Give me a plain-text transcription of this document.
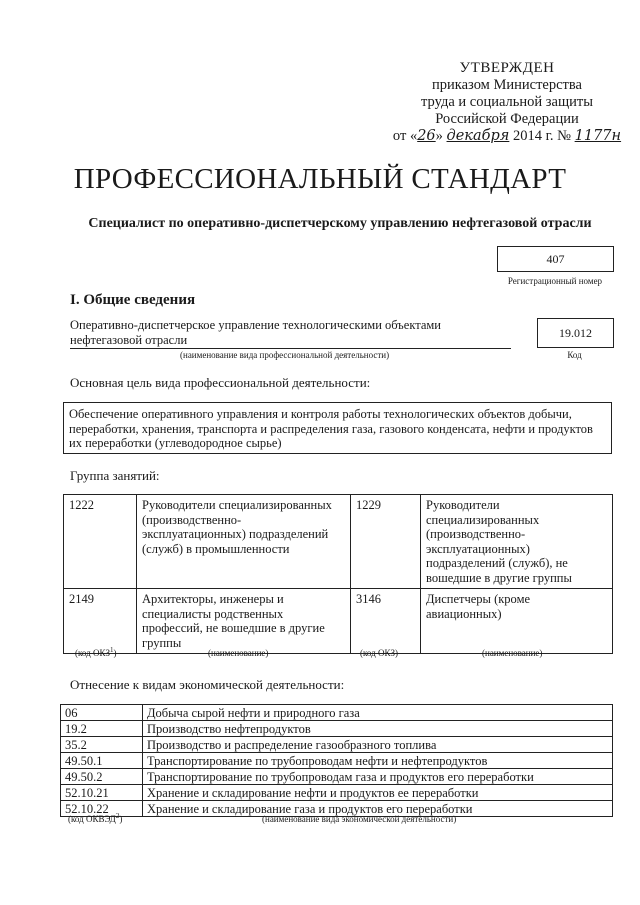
УТВЕРЖДЕН
приказом Министерства
труда и социальной защиты
Российской Федерации
от «26» декабря 2014 г. № 1177н
ПРОФЕССИОНАЛЬНЫЙ СТАНДАРТ
Специалист по оперативно-диспетчерскому управлению нефтегазовой отрасли
407
Регистрационный номер
I. Общие сведения
Оперативно-диспетчерское управление технологическими объектами
нефтегазовой отрасли
(наименование вида профессиональной деятельности)
19.012
Код
Основная цель вида профессиональной деятельности:
Обеспечение оперативного управления и контроля работы технологических объектов добычи, переработки, хранения, транспорта и распределения газа, газового конденсата, нефти и продуктов их переработки (углеводородное сырье)
Группа занятий:
1222	Руководители специализированных (производственно-эксплуатационных) подразделений (служб) в промышленности	1229	Руководители специализированных (производственно-эксплуатационных) подразделений (служб), не вошедшие в другие группы
2149	Архитекторы, инженеры и специалисты родственных профессий, не вошедшие в другие группы	3146	Диспетчеры (кроме авиационных)
(код ОКЗ$^1$)	(наименование)	(код ОКЗ)	(наименование)
Отнесение к видам экономической деятельности:
06	Добыча сырой нефти и природного газа
19.2	Производство нефтепродуктов
35.2	Производство и распределение газообразного топлива
49.50.1	Транспортирование по трубопроводам нефти и нефтепродуктов
49.50.2	Транспортирование по трубопроводам газа и продуктов его переработки
52.10.21	Хранение и складирование нефти и продуктов ее переработки
52.10.22	Хранение и складирование газа и продуктов его переработки
(код ОКВЭД$^2$)	(наименование вида экономической деятельности)
